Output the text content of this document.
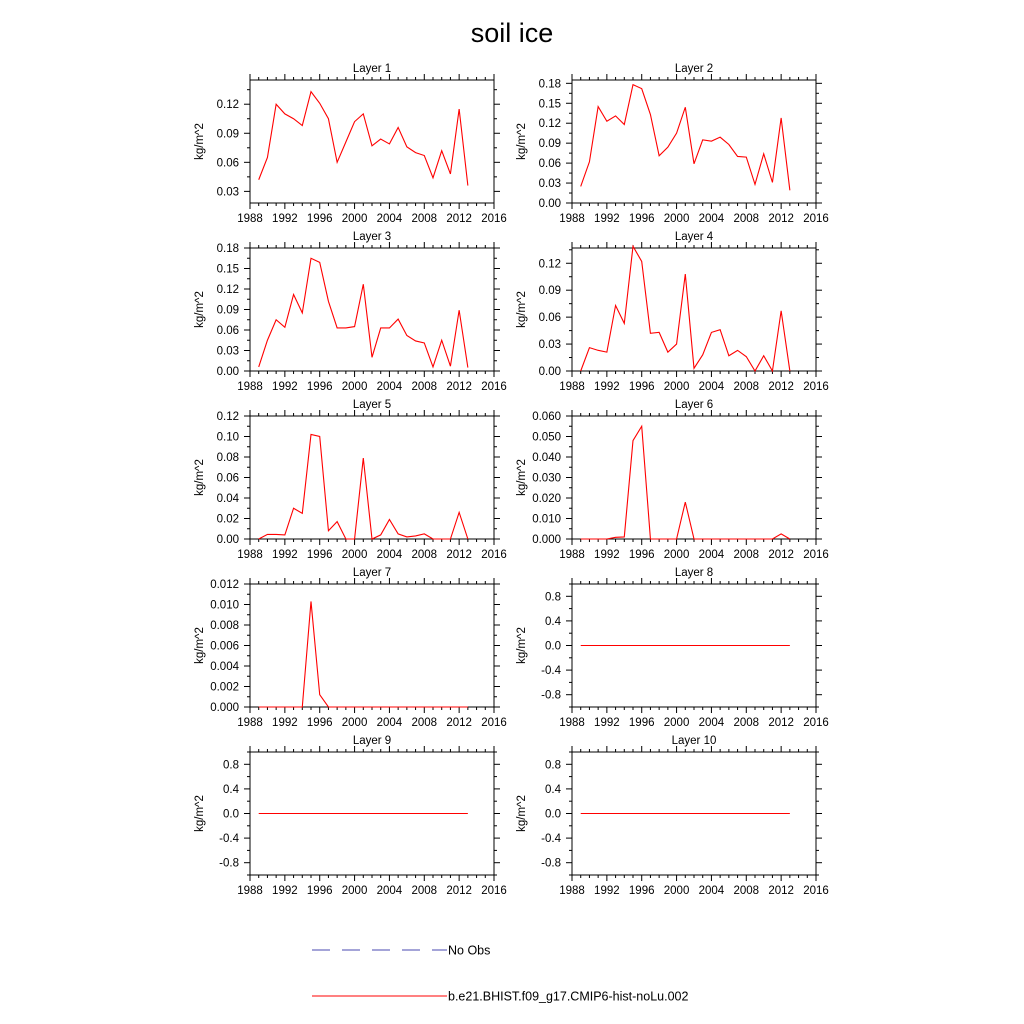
soil ice
Layer 1
kg/m^2
1988 1992 1996 2000 2004 2008 2012 2016
0.03
0.06
0.09
0.12
Layer 2
kg/m^2
1988 1992 1996 2000 2004 2008 2012 2016
0.00
0.03
0.06
0.09
0.12
0.15
0.18
Layer 3
kg/m^2
1988 1992 1996 2000 2004 2008 2012 2016
0.00
0.03
0.06
0.09
0.12
0.15
0.18
Layer 4
kg/m^2
1988 1992 1996 2000 2004 2008 2012 2016
0.00
0.03
0.06
0.09
0.12
Layer 5
kg/m^2
1988 1992 1996 2000 2004 2008 2012 2016
0.00
0.02
0.04
0.06
0.08
0.10
0.12
Layer 6
kg/m^2
1988 1992 1996 2000 2004 2008 2012 2016
0.000
0.010
0.020
0.030
0.040
0.050
0.060
Layer 7
kg/m^2
1988 1992 1996 2000 2004 2008 2012 2016
0.000
0.002
0.004
0.006
0.008
0.010
0.012
Layer 8
kg/m^2
1988 1992 1996 2000 2004 2008 2012 2016
-0.8
-0.4
0.0
0.4
0.8
Layer 9
kg/m^2
1988 1992 1996 2000 2004 2008 2012 2016
-0.8
-0.4
0.0
0.4
0.8
Layer 10
kg/m^2
1988 1992 1996 2000 2004 2008 2012 2016
-0.8
-0.4
0.0
0.4
0.8
No Obs
b.e21.BHIST.f09_g17.CMIP6-hist-noLu.002
